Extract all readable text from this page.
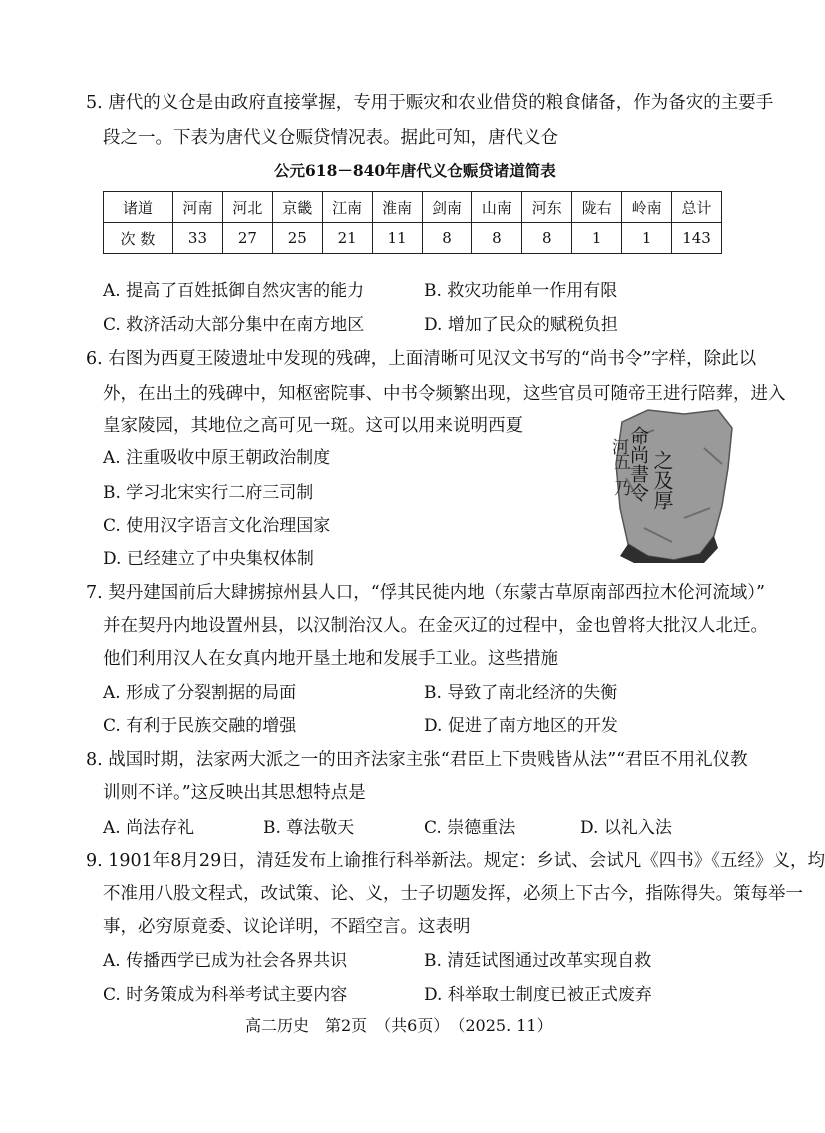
5. 唐代的义仓是由政府直接掌握，专用于赈灾和农业借贷的粮食储备，作为备灾的主要手
段之一。下表为唐代义仓赈贷情况表。据此可知，唐代义仓
公元618－840年唐代义仓赈贷诸道简表
诸道	河南	河北	京畿	江南	淮南	剑南	山南	河东	陇右	岭南	总计
次 数	33	27	25	21	11	8	8	8	1	1	143
A. 提高了百姓抵御自然灾害的能力	B. 救灾功能单一作用有限
C. 救济活动大部分集中在南方地区	D. 增加了民众的赋税负担
6. 右图为西夏王陵遗址中发现的残碑，上面清晰可见汉文书写的“尚书令”字样，除此以
外，在出土的残碑中，知枢密院事、中书令频繁出现，这些官员可随帝王进行陪葬，进入
皇家陵园，其地位之高可见一斑。这可以用来说明西夏
A. 注重吸收中原王朝政治制度
B. 学习北宋实行二府三司制
C. 使用汉字语言文化治理国家
D. 已经建立了中央集权体制
之及厚
命尚書令
河
五
乃
7. 契丹建国前后大肆掳掠州县人口，“俘其民徙内地（东蒙古草原南部西拉木伦河流域）”
并在契丹内地设置州县，以汉制治汉人。在金灭辽的过程中，金也曾将大批汉人北迁。
他们利用汉人在女真内地开垦土地和发展手工业。这些措施
A. 形成了分裂割据的局面	B. 导致了南北经济的失衡
C. 有利于民族交融的增强	D. 促进了南方地区的开发
8. 战国时期，法家两大派之一的田齐法家主张“君臣上下贵贱皆从法”“君臣不用礼仪教
训则不详。”这反映出其思想特点是
A. 尚法存礼	B. 尊法敬天	C. 崇德重法	D. 以礼入法
9. 1901年8月29日，清廷发布上谕推行科举新法。规定：乡试、会试凡《四书》《五经》义，均
不准用八股文程式，改试策、论、义，士子切题发挥，必须上下古今，指陈得失。策每举一
事，必穷原竟委、议论详明，不蹈空言。这表明
A. 传播西学已成为社会各界共识	B. 清廷试图通过改革实现自救
C. 时务策成为科举考试主要内容	D. 科举取士制度已被正式废弃
高二历史　第2页　（共6页）　（2025. 11）
